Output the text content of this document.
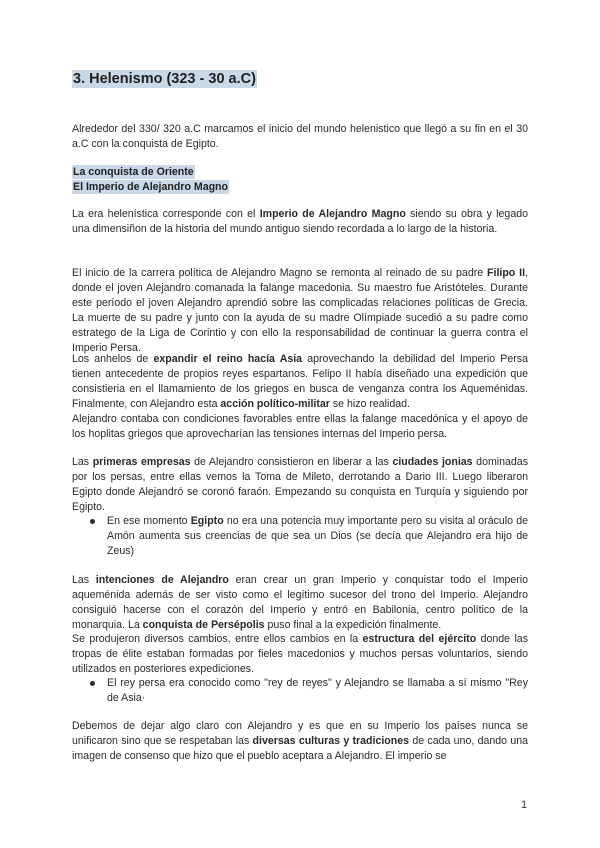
3. Helenismo (323 - 30 a.C)

Alrededor del 330/ 320 a.C marcamos el inicio del mundo helenistico que llegó a su fin en el 30 a.C con la conquista de Egipto.

La conquista de Oriente
El Imperio de Alejandro Magno

La era helenística corresponde con el Imperio de Alejandro Magno siendo su obra y legado una dimensiñon de la historia del mundo antiguo siendo recordada a lo largo de la historia.

El inicio de la carrera política de Alejandro Magno se remonta al reinado de su padre Filipo II, donde el joven Alejandro comanada la falange macedonia. Su maestro fue Aristóteles. Durante este período el joven Alejandro aprendió sobre las complicadas relaciones políticas de Grecia. La muerte de su padre y junto con la ayuda de su madre Olímpiade sucedió a su padre como estratego de la Liga de Corintio y con ello la responsabilidad de continuar la guerra contra el Imperio Persa.

Los anhelos de expandir el reino hacía Asia aprovechando la debilidad del Imperio Persa tienen antecedente de propios reyes espartanos. Felipo II había diseñado una expedición que consistieria en el llamamiento de los griegos en busca de venganza contra los Aqueménidas. Finalmente, con Alejandro esta acción político-militar se hizo realidad.

Alejandro contaba con condiciones favorables entre ellas la falange macedónica y el apoyo de los hoplitas griegos que aprovecharían las tensiones internas del Imperio persa.

Las primeras empresas de Alejandro consistieron en liberar a las ciudades jonias dominadas por los persas, entre ellas vemos la Toma de Mileto, derrotando a Dario III. Luego liberaron Egipto donde Alejandró se coronó faraón. Empezando su conquista en Turquía y siguiendo por Egipto.

En ese momento Egipto no era una potencia muy importante pero su visita al oráculo de Amón aumenta sus creencias de que sea un Dios (se decía que Alejandro era hijo de Zeus)

Las intenciones de Alejandro eran crear un gran Imperio y conquistar todo el Imperio aqueménida además de ser visto como el legítimo sucesor del trono del Imperio. Alejandro consiguió hacerse con el corazón del Imperio y entró en Babilonia, centro político de la monarquia. La conquista de Persépolis puso final a la expedición finalmente.

Se produjeron diversos cambios, entre ellos cambios en la estructura del ejército donde las tropas de élite estaban formadas por fieles macedonios y muchos persas voluntarios, siendo utilizados en posteriores expediciones.

El rey persa era conocido como "rey de reyes" y Alejandro se llamaba a sí mismo "Rey de Asia·

Debemos de dejar algo claro con Alejandro y es que en su Imperio los países nunca se unificaron sino que se respetaban las diversas culturas y tradiciones de cada uno, dando una imagen de consenso que hizo que el pueblo aceptara a Alejandro. El imperio se

1
